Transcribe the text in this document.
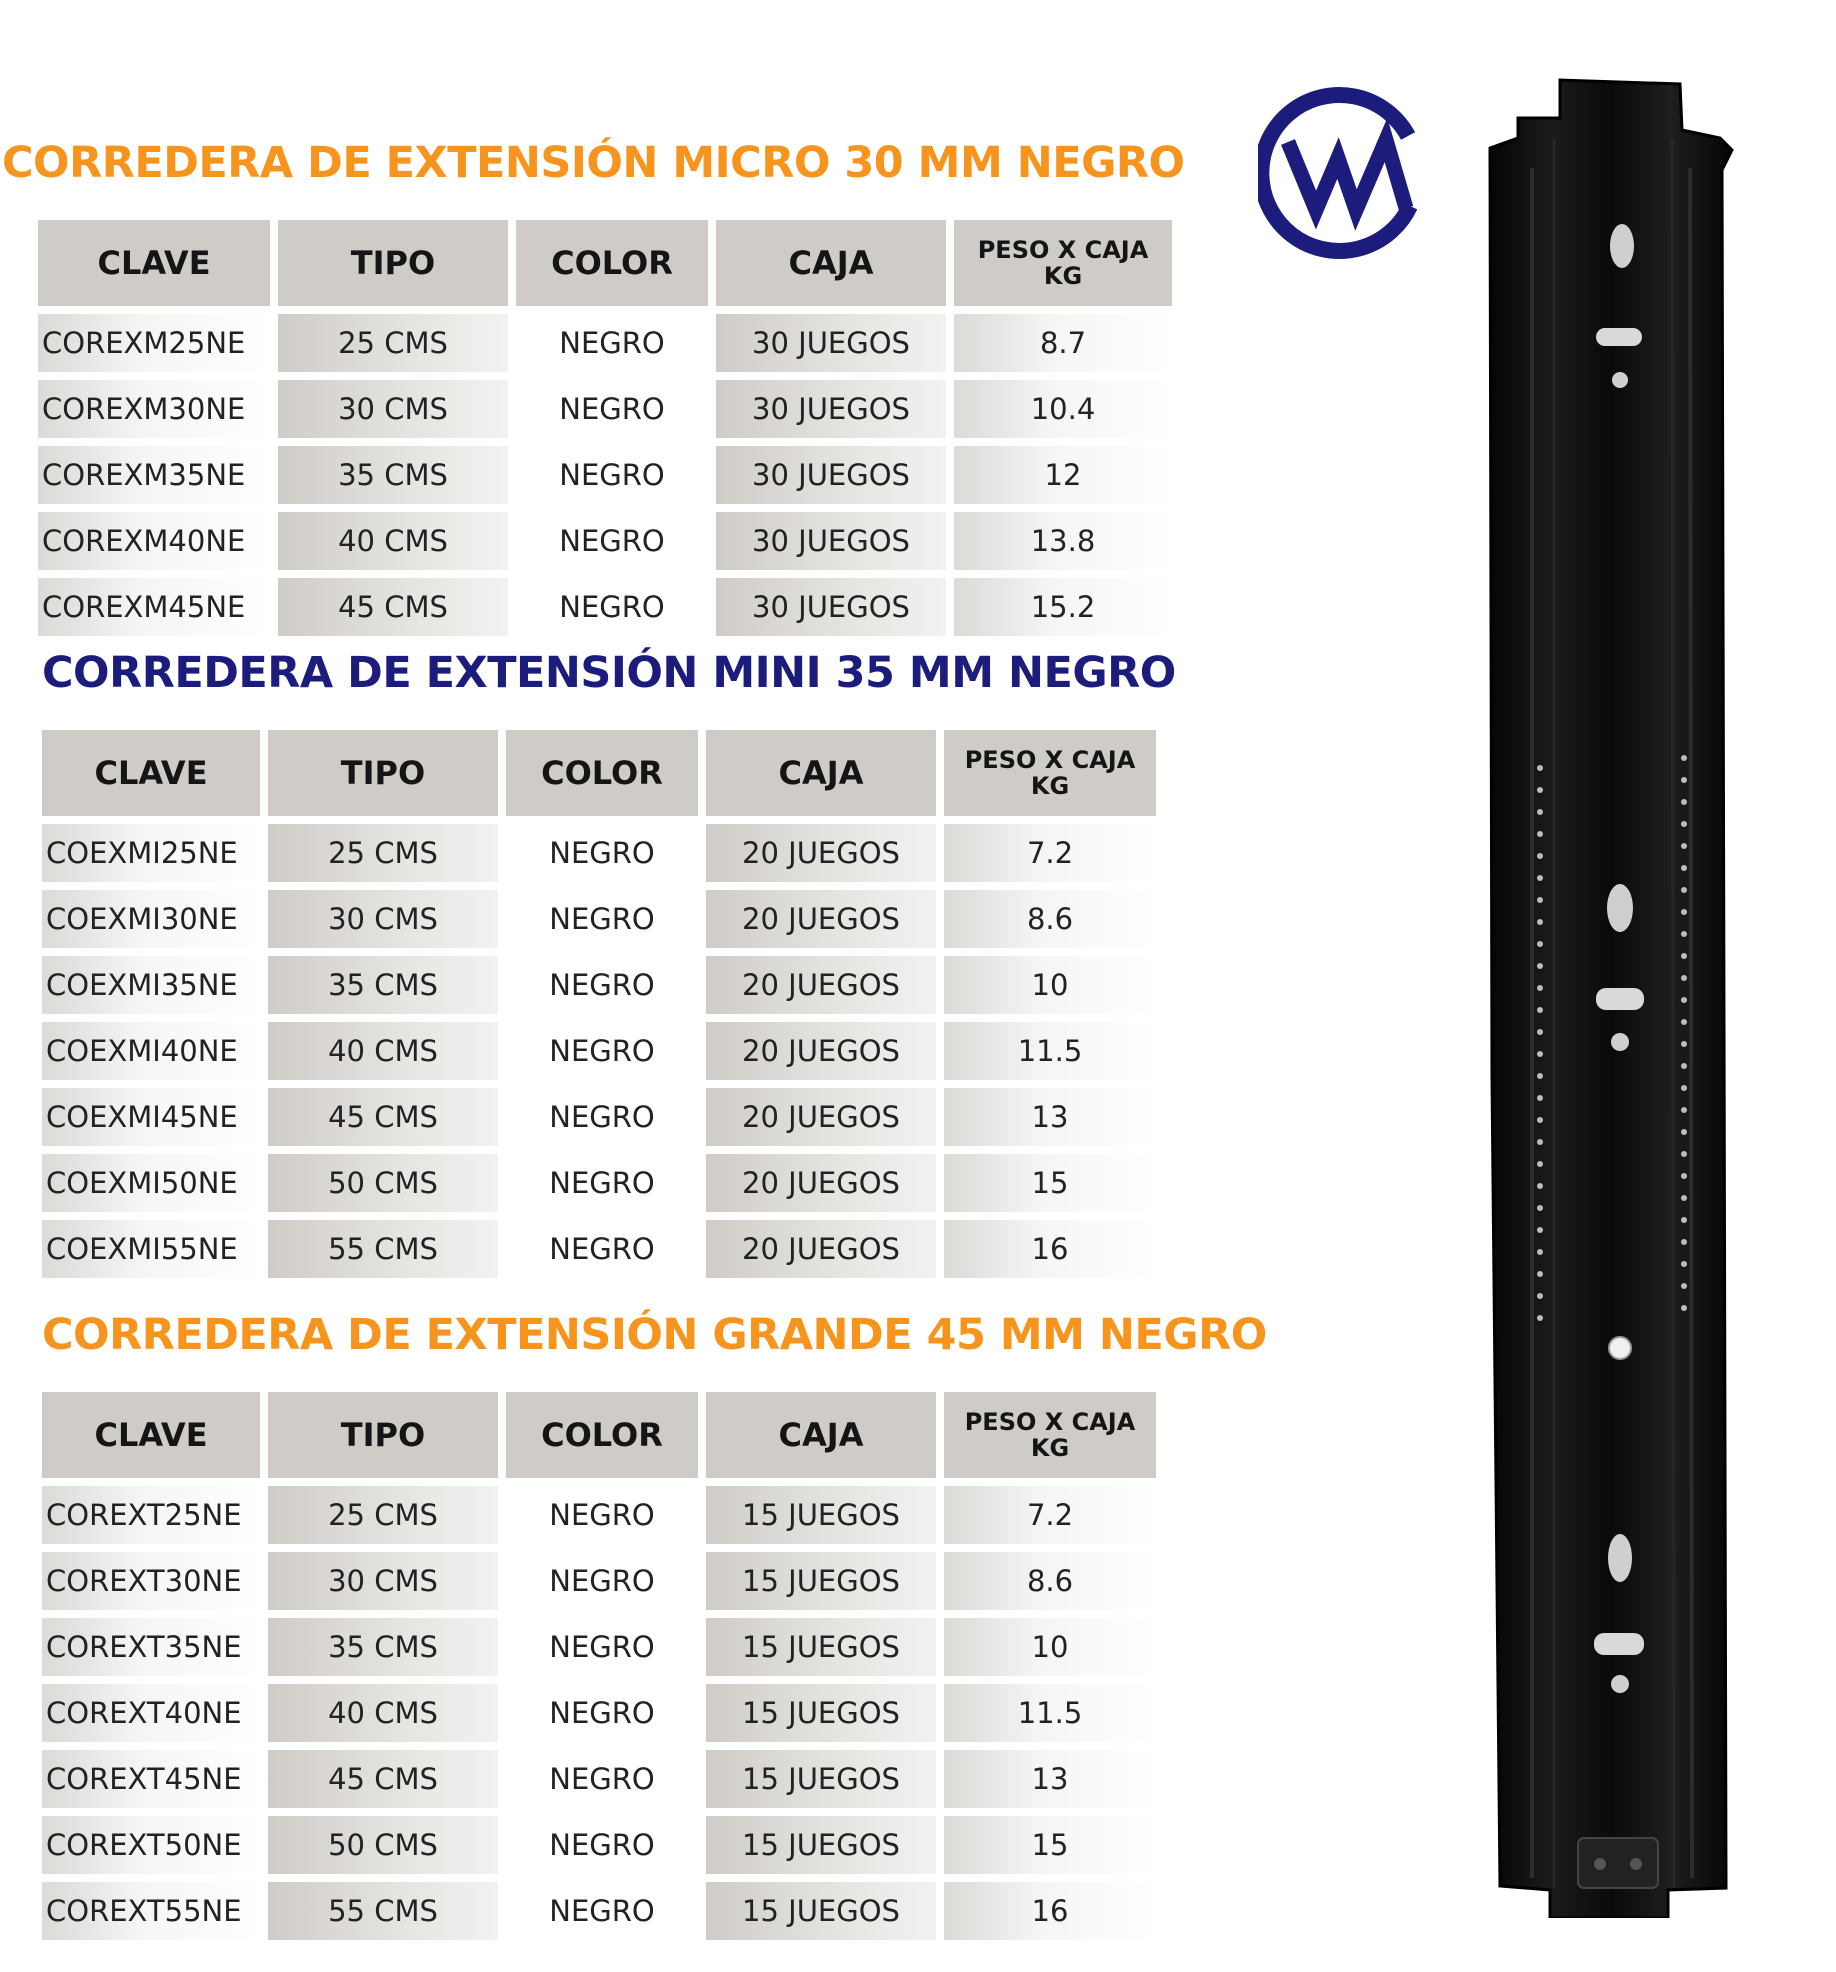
CORREDERA DE EXTENSIÓN MICRO 30 MM NEGRO
CLAVE	TIPO	COLOR	CAJA	PESO X CAJA
KG

COREXM25NE	25 CMS	NEGRO	30 JUEGOS	8.7
COREXM30NE	30 CMS	NEGRO	30 JUEGOS	10.4
COREXM35NE	35 CMS	NEGRO	30 JUEGOS	12
COREXM40NE	40 CMS	NEGRO	30 JUEGOS	13.8
COREXM45NE	45 CMS	NEGRO	30 JUEGOS	15.2
CORREDERA DE EXTENSIÓN MINI 35 MM NEGRO
CLAVE	TIPO	COLOR	CAJA	PESO X CAJA
KG

COEXMI25NE	25 CMS	NEGRO	20 JUEGOS	7.2
COEXMI30NE	30 CMS	NEGRO	20 JUEGOS	8.6
COEXMI35NE	35 CMS	NEGRO	20 JUEGOS	10
COEXMI40NE	40 CMS	NEGRO	20 JUEGOS	11.5
COEXMI45NE	45 CMS	NEGRO	20 JUEGOS	13
COEXMI50NE	50 CMS	NEGRO	20 JUEGOS	15
COEXMI55NE	55 CMS	NEGRO	20 JUEGOS	16
CORREDERA DE EXTENSIÓN GRANDE 45 MM NEGRO
CLAVE	TIPO	COLOR	CAJA	PESO X CAJA
KG

COREXT25NE	25 CMS	NEGRO	15 JUEGOS	7.2
COREXT30NE	30 CMS	NEGRO	15 JUEGOS	8.6
COREXT35NE	35 CMS	NEGRO	15 JUEGOS	10
COREXT40NE	40 CMS	NEGRO	15 JUEGOS	11.5
COREXT45NE	45 CMS	NEGRO	15 JUEGOS	13
COREXT50NE	50 CMS	NEGRO	15 JUEGOS	15
COREXT55NE	55 CMS	NEGRO	15 JUEGOS	16
WM
